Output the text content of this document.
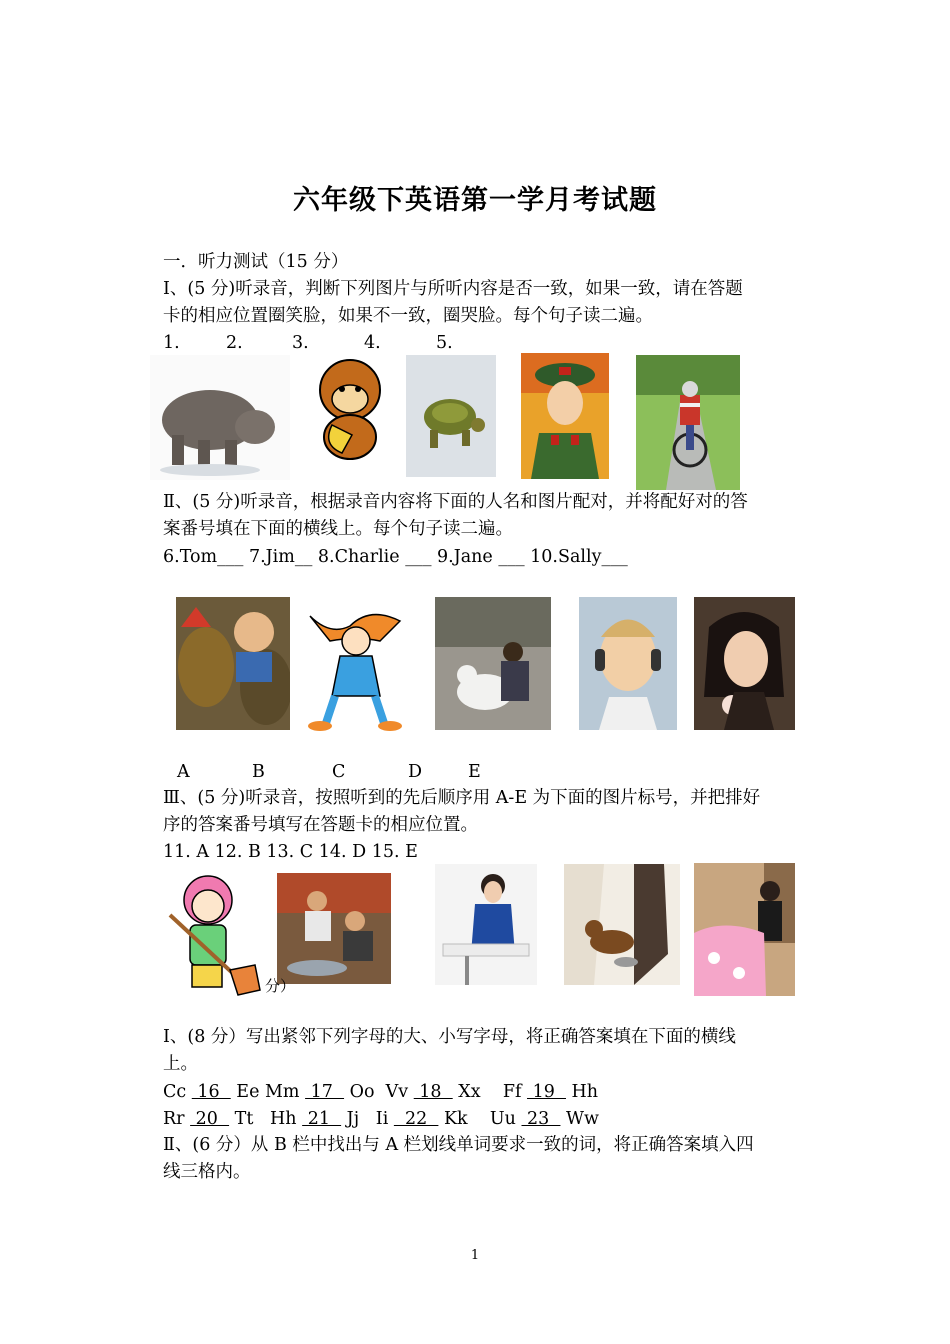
六年级下英语第一学月考试题
一．听力测试（15 分）
Ⅰ、(5 分)听录音，判断下列图片与所听内容是否一致，如果一致，请在答题
卡的相应位置圈笑脸，如果不一致，圈哭脸。每个句子读二遍。
1.	2.	3.	4.	5.
Ⅱ、(5 分)听录音，根据录音内容将下面的人名和图片配对，并将配好对的答
案番号填在下面的横线上。每个句子读二遍。
6.Tom___ 7.Jim__ 8.Charlie ___ 9.Jane ___ 10.Sally___
A	B	C	D	E
Ⅲ、(5 分)听录音，按照听到的先后顺序用 A-E 为下面的图片标号，并把排好
序的答案番号填写在答题卡的相应位置。
11. A 12. B 13. C 14. D 15. E
分）
Ⅰ、(8 分）写出紧邻下列字母的大、小写字母，将正确答案填在下面的横线
上。
Cc  16   Ee Mm  17   Oo  Vv  18   Xx    Ff  19   Hh
Rr  20   Tt   Hh  21   Jj   Ii   22   Kk    Uu  23   Ww
Ⅱ、(6 分）从 B 栏中找出与 A 栏划线单词要求一致的词，将正确答案填入四
线三格内。
1
